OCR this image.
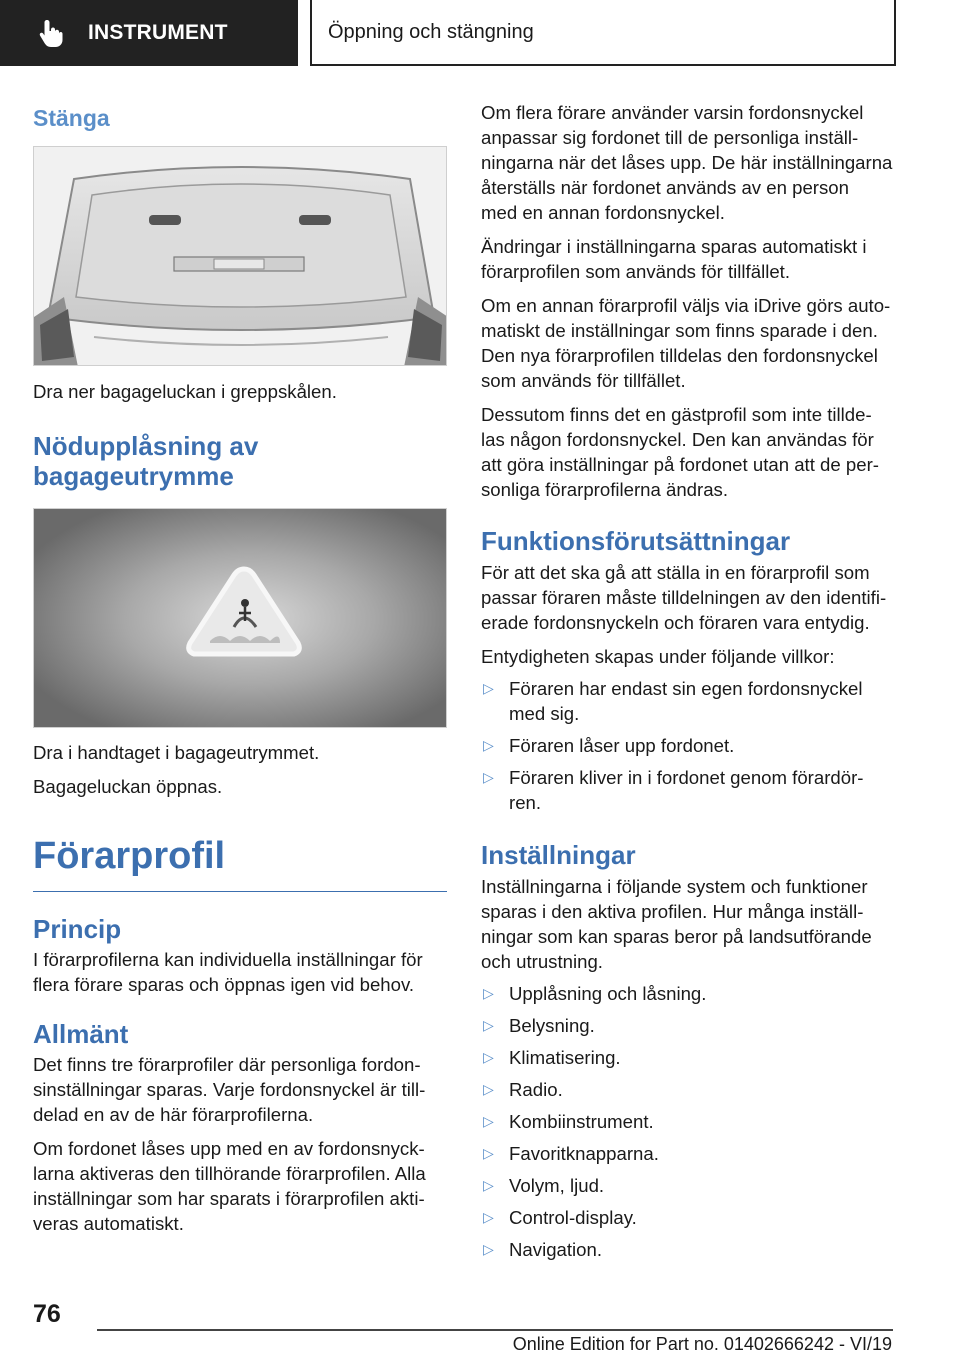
INSTRUMENT	Öppning och stängning
Stänga
Dra ner bagageluckan i greppskålen.
Nödupplåsning av
bagageutrymme
Dra i handtaget i bagageutrymmet.
Bagageluckan öppnas.
Förarprofil
Princip
I förarprofilerna kan individuella inställningar för
flera förare sparas och öppnas igen vid behov.
Allmänt
Det finns tre förarprofiler där personliga fordon‐
sinställningar sparas. Varje fordonsnyckel är till‐
delad en av de här förarprofilerna.
Om fordonet låses upp med en av fordonsnyck‐
larna aktiveras den tillhörande förarprofilen. Alla
inställningar som har sparats i förarprofilen akti‐
veras automatiskt.
Om flera förare använder varsin fordonsnyckel
anpassar sig fordonet till de personliga inställ‐
ningarna när det låses upp. De här inställningarna
återställs när fordonet används av en person
med en annan fordonsnyckel.
Ändringar i inställningarna sparas automatiskt i
förarprofilen som används för tillfället.
Om en annan förarprofil väljs via iDrive görs auto‐
matiskt de inställningar som finns sparade i den.
Den nya förarprofilen tilldelas den fordonsnyckel
som används för tillfället.
Dessutom finns det en gästprofil som inte tillde‐
las någon fordonsnyckel. Den kan användas för
att göra inställningar på fordonet utan att de per‐
sonliga förarprofilerna ändras.
Funktionsförutsättningar
För att det ska gå att ställa in en förarprofil som
passar föraren måste tilldelningen av den identifi‐
erade fordonsnyckeln och föraren vara entydig.
Entydigheten skapas under följande villkor:
▷ Föraren har endast sin egen fordonsnyckel
med sig.
▷ Föraren låser upp fordonet.
▷ Föraren kliver in i fordonet genom förardör‐
ren.
Inställningar
Inställningarna i följande system och funktioner
sparas i den aktiva profilen. Hur många inställ‐
ningar som kan sparas beror på landsutförande
och utrustning.
▷ Upplåsning och låsning.
▷ Belysning.
▷ Klimatisering.
▷ Radio.
▷ Kombiinstrument.
▷ Favoritknapparna.
▷ Volym, ljud.
▷ Control-display.
▷ Navigation.
76
Online Edition for Part no. 01402666242 - VI/19
